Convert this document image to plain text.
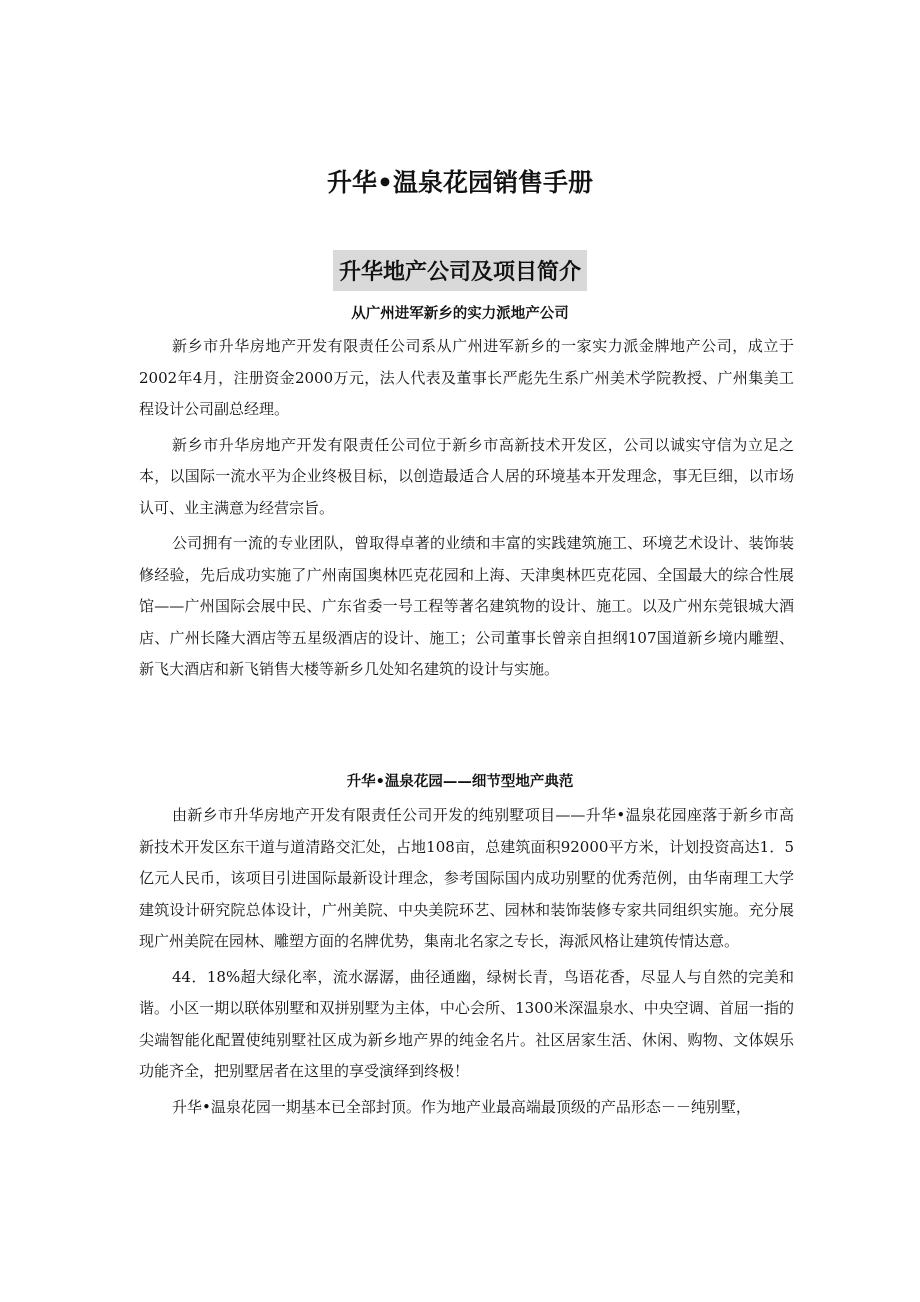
升华•温泉花园销售手册
升华地产公司及项目简介
从广州进军新乡的实力派地产公司

新乡市升华房地产开发有限责任公司系从广州进军新乡的一家实力派金牌地产公司，成立于2002年4月，注册资金2000万元，法人代表及董事长严彪先生系广州美术学院教授、广州集美工程设计公司副总经理。

新乡市升华房地产开发有限责任公司位于新乡市高新技术开发区，公司以诚实守信为立足之本，以国际一流水平为企业终极目标，以创造最适合人居的环境基本开发理念，事无巨细，以市场认可、业主满意为经营宗旨。

公司拥有一流的专业团队，曾取得卓著的业绩和丰富的实践建筑施工、环境艺术设计、装饰装修经验，先后成功实施了广州南国奥林匹克花园和上海、天津奥林匹克花园、全国最大的综合性展馆——广州国际会展中民、广东省委一号工程等著名建筑物的设计、施工。以及广州东莞银城大酒店、广州长隆大酒店等五星级酒店的设计、施工；公司董事长曾亲自担纲107国道新乡境内雕塑、新飞大酒店和新飞销售大楼等新乡几处知名建筑的设计与实施。

升华•温泉花园——细节型地产典范

由新乡市升华房地产开发有限责任公司开发的纯别墅项目——升华•温泉花园座落于新乡市高新技术开发区东干道与道清路交汇处，占地108亩，总建筑面积92000平方米，计划投资高达1．5亿元人民币，该项目引进国际最新设计理念，参考国际国内成功别墅的优秀范例，由华南理工大学建筑设计研究院总体设计，广州美院、中央美院环艺、园林和装饰装修专家共同组织实施。充分展现广州美院在园林、雕塑方面的名牌优势，集南北名家之专长，海派风格让建筑传情达意。

44．18%超大绿化率，流水潺潺，曲径通幽，绿树长青，鸟语花香，尽显人与自然的完美和谐。小区一期以联体别墅和双拼别墅为主体，中心会所、1300米深温泉水、中央空调、首屈一指的尖端智能化配置使纯别墅社区成为新乡地产界的纯金名片。社区居家生活、休闲、购物、文体娱乐功能齐全，把别墅居者在这里的享受演绎到终极！

升华•温泉花园一期基本已全部封顶。作为地产业最高端最顶级的产品形态－－纯别墅，
